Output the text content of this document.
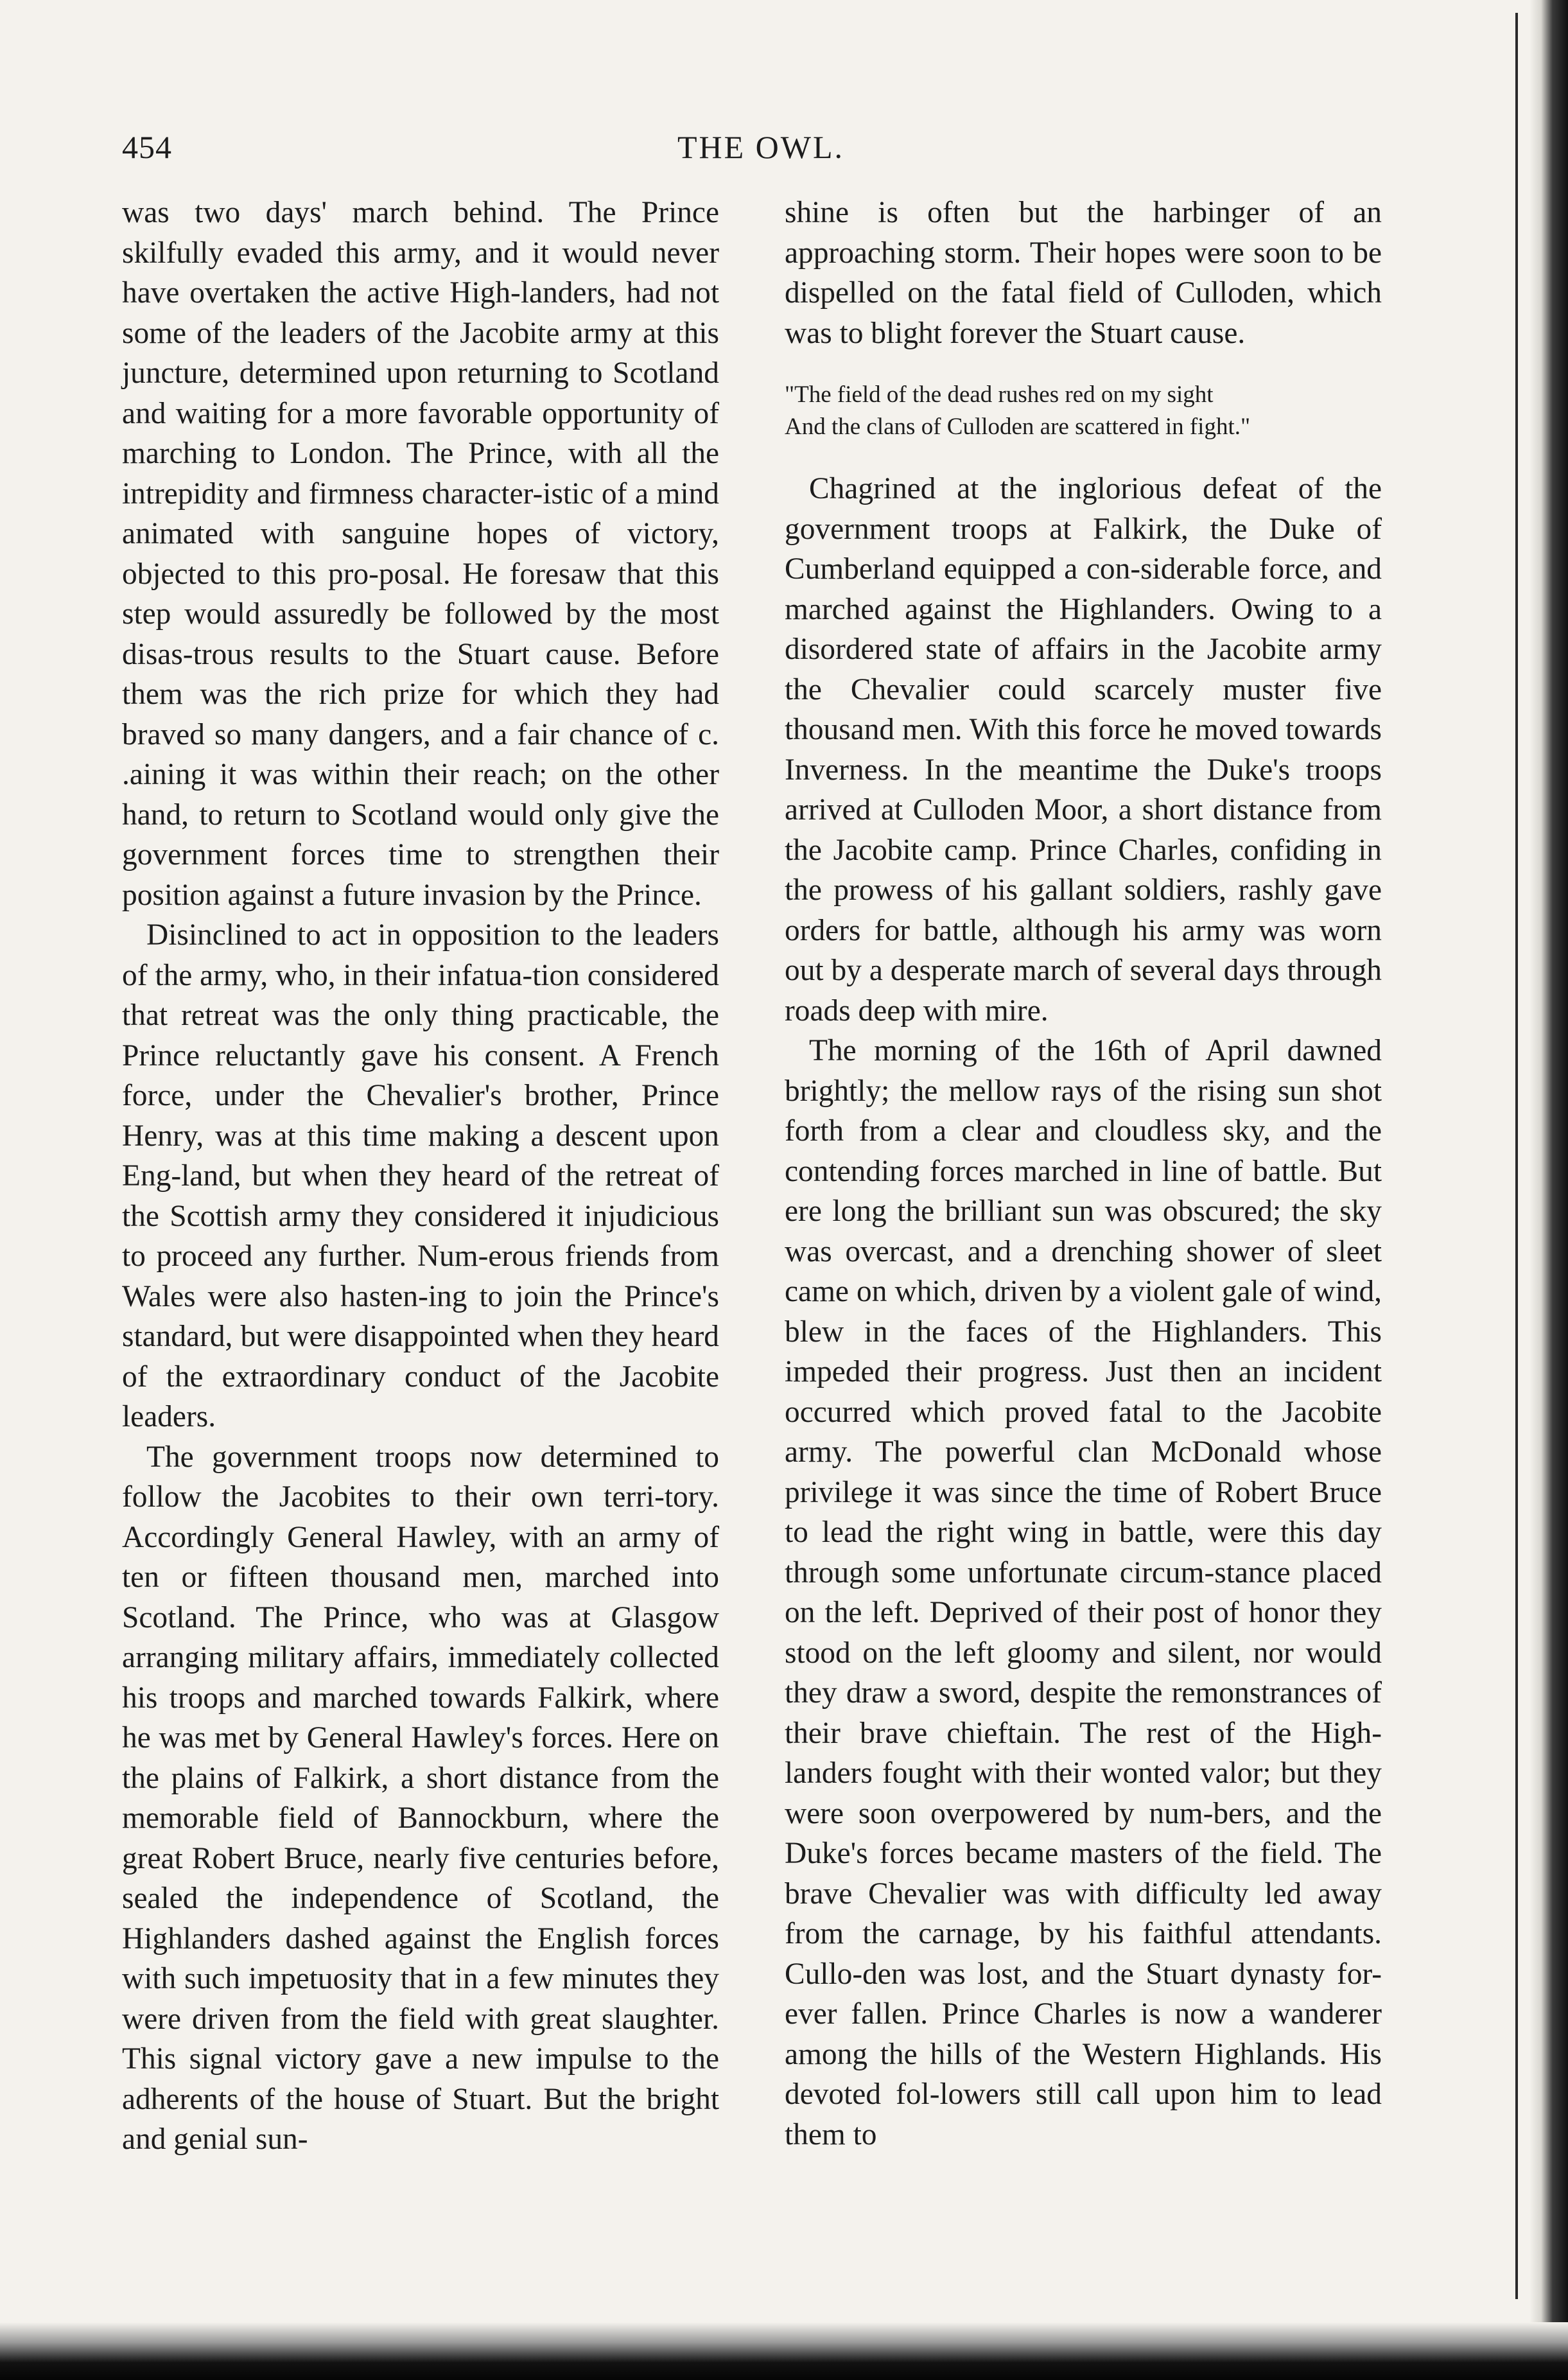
454	THE OWL.

was two days' march behind. The Prince skilfully evaded this army, and it would never have overtaken the active High-landers, had not some of the leaders of the Jacobite army at this juncture, determined upon returning to Scotland and waiting for a more favorable opportunity of marching to London. The Prince, with all the intrepidity and firmness character-istic of a mind animated with sanguine hopes of victory, objected to this pro-posal. He foresaw that this step would assuredly be followed by the most disas-trous results to the Stuart cause. Before them was the rich prize for which they had braved so many dangers, and a fair chance of c. .aining it was within their reach; on the other hand, to return to Scotland would only give the government forces time to strengthen their position against a future invasion by the Prince.

Disinclined to act in opposition to the leaders of the army, who, in their infatua-tion considered that retreat was the only thing practicable, the Prince reluctantly gave his consent. A French force, under the Chevalier's brother, Prince Henry, was at this time making a descent upon Eng-land, but when they heard of the retreat of the Scottish army they considered it injudicious to proceed any further. Num-erous friends from Wales were also hasten-ing to join the Prince's standard, but were disappointed when they heard of the extraordinary conduct of the Jacobite leaders.

The government troops now determined to follow the Jacobites to their own terri-tory. Accordingly General Hawley, with an army of ten or fifteen thousand men, marched into Scotland. The Prince, who was at Glasgow arranging military affairs, immediately collected his troops and marched towards Falkirk, where he was met by General Hawley's forces. Here on the plains of Falkirk, a short distance from the memorable field of Bannockburn, where the great Robert Bruce, nearly five centuries before, sealed the independence of Scotland, the Highlanders dashed against the English forces with such impetuosity that in a few minutes they were driven from the field with great slaughter. This signal victory gave a new impulse to the adherents of the house of Stuart. But the bright and genial sun-

shine is often but the harbinger of an approaching storm. Their hopes were soon to be dispelled on the fatal field of Culloden, which was to blight forever the Stuart cause.

"The field of the dead rushes red on my sight
And the clans of Culloden are scattered in fight."

Chagrined at the inglorious defeat of the government troops at Falkirk, the Duke of Cumberland equipped a con-siderable force, and marched against the Highlanders. Owing to a disordered state of affairs in the Jacobite army the Chevalier could scarcely muster five thousand men. With this force he moved towards Inverness. In the meantime the Duke's troops arrived at Culloden Moor, a short distance from the Jacobite camp. Prince Charles, confiding in the prowess of his gallant soldiers, rashly gave orders for battle, although his army was worn out by a desperate march of several days through roads deep with mire.

The morning of the 16th of April dawned brightly; the mellow rays of the rising sun shot forth from a clear and cloudless sky, and the contending forces marched in line of battle. But ere long the brilliant sun was obscured; the sky was overcast, and a drenching shower of sleet came on which, driven by a violent gale of wind, blew in the faces of the Highlanders. This impeded their progress. Just then an incident occurred which proved fatal to the Jacobite army. The powerful clan McDonald whose privilege it was since the time of Robert Bruce to lead the right wing in battle, were this day through some unfortunate circum-stance placed on the left. Deprived of their post of honor they stood on the left gloomy and silent, nor would they draw a sword, despite the remonstrances of their brave chieftain. The rest of the High-landers fought with their wonted valor; but they were soon overpowered by num-bers, and the Duke's forces became masters of the field. The brave Chevalier was with difficulty led away from the carnage, by his faithful attendants. Cullo-den was lost, and the Stuart dynasty for-ever fallen. Prince Charles is now a wanderer among the hills of the Western Highlands. His devoted fol-lowers still call upon him to lead them to
